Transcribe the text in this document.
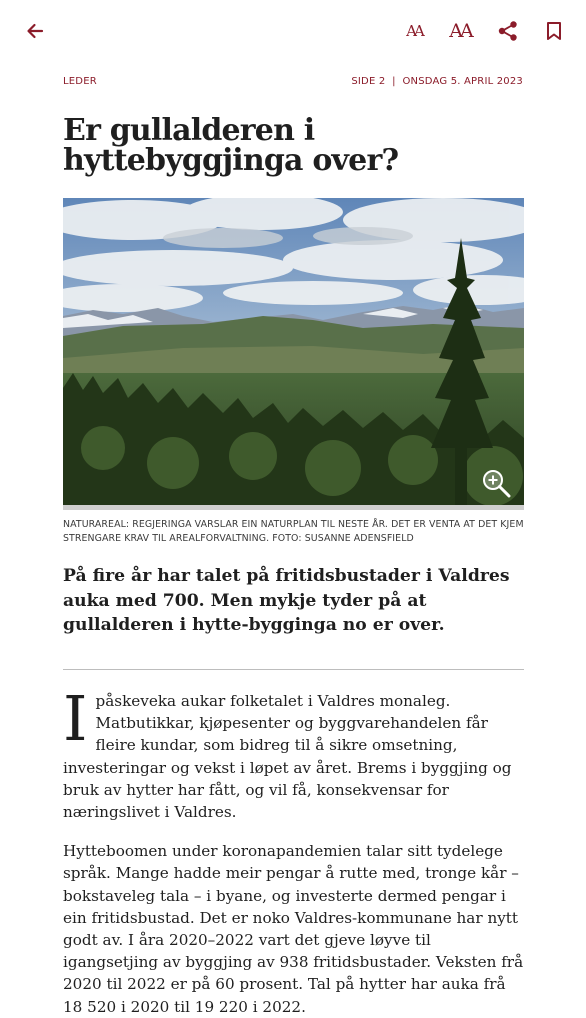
AA AA
LEDER	SIDE 2  |  ONSDAG 5. APRIL 2023
Er gullalderen i hyttebyggjinga over?
NATURAREAL: REGJERINGA VARSLAR EIN NATURPLAN TIL NESTE ÅR. DET ER VENTA AT DET KJEM STRENGARE KRAV TIL AREALFORVALTNING. FOTO: SUSANNE ADENSFIELD
På fire år har talet på fritidsbustader i Valdres auka med 700. Men mykje tyder på at gullalderen i hytte-bygginga no er over.

I påskeveka aukar folketalet i Valdres monaleg. Matbutikkar, kjøpesenter og byggvarehandelen får fleire kundar, som bidreg til å sikre omsetning, investeringar og vekst i løpet av året. Brems i byggjing og bruk av hytter har fått, og vil få, konsekvensar for næringslivet i Valdres.

Hytteboomen under koronapandemien talar sitt tydelege språk. Mange hadde meir pengar å rutte med, tronge kår – bokstaveleg tala – i byane, og investerte dermed pengar i ein fritidsbustad. Det er noko Valdres-kommunane har nytt godt av. I åra 2020–2022 vart det gjeve løyve til igangsetjing av byggjing av 938 fritidsbustader. Veksten frå 2020 til 2022 er på 60 prosent. Tal på hytter har auka frå 18 520 i 2020 til 19 220 i 2022.
